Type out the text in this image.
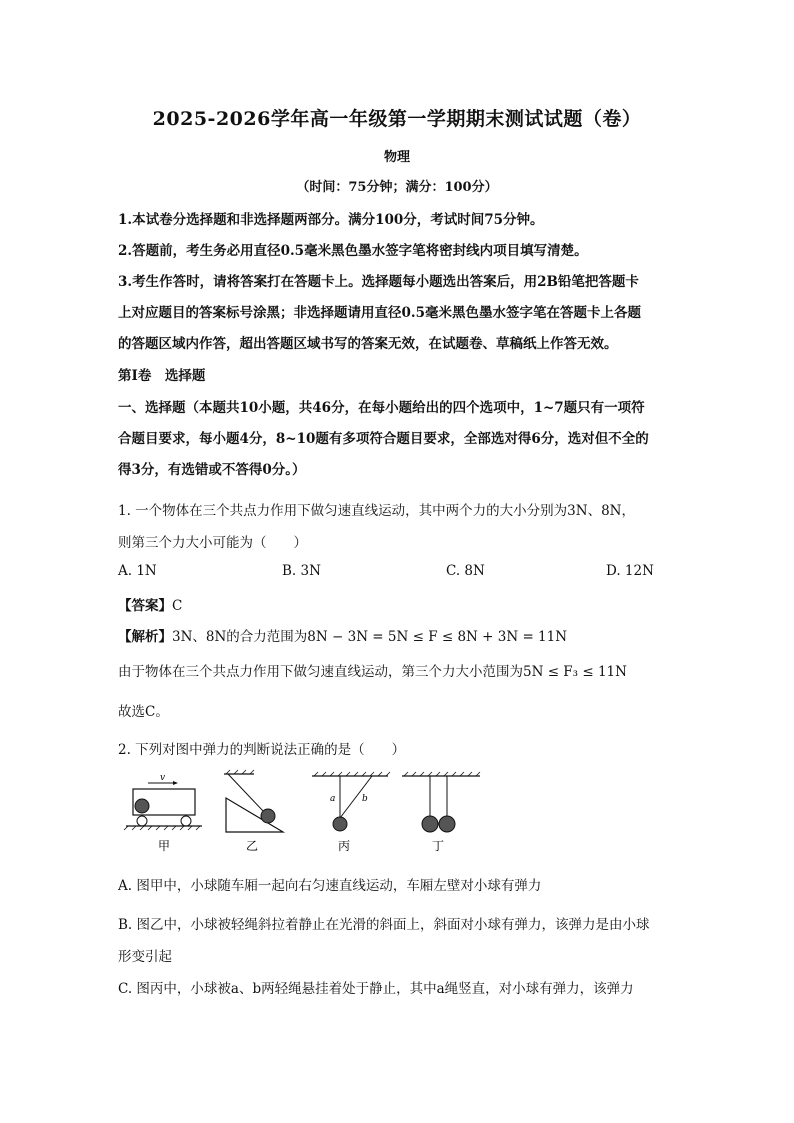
2025-2026学年高一年级第一学期期末测试试题（卷）
物理
（时间：75分钟；满分：100分）
1.本试卷分选择题和非选择题两部分。满分100分，考试时间75分钟。
2.答题前，考生务必用直径0.5毫米黑色墨水签字笔将密封线内项目填写清楚。
3.考生作答时，请将答案打在答题卡上。选择题每小题选出答案后，用2B铅笔把答题卡
上对应题目的答案标号涂黑；非选择题请用直径0.5毫米黑色墨水签字笔在答题卡上各题
的答题区域内作答，超出答题区域书写的答案无效，在试题卷、草稿纸上作答无效。
第Ⅰ卷　选择题
一、选择题（本题共10小题，共46分，在每小题给出的四个选项中，1~7题只有一项符
合题目要求，每小题4分，8~10题有多项符合题目要求，全部选对得6分，选对但不全的
得3分，有选错或不答得0分。）
1. 一个物体在三个共点力作用下做匀速直线运动，其中两个力的大小分别为3N、8N，
则第三个力大小可能为（　　）
A. 1N	B. 3N	C. 8N	D. 12N
【答案】C
【解析】3N、8N的合力范围为8N − 3N = 5N ≤ F ≤ 8N + 3N = 11N
由于物体在三个共点力作用下做匀速直线运动，第三个力大小范围为5N ≤ F₃ ≤ 11N
故选C。
2. 下列对图中弹力的判断说法正确的是（　　）
v
甲	乙
a	b
丙	丁
A. 图甲中，小球随车厢一起向右匀速直线运动，车厢左壁对小球有弹力
B. 图乙中，小球被轻绳斜拉着静止在光滑的斜面上，斜面对小球有弹力，该弹力是由小球
形变引起
C. 图丙中，小球被a、b两轻绳悬挂着处于静止，其中a绳竖直，对小球有弹力，该弹力
